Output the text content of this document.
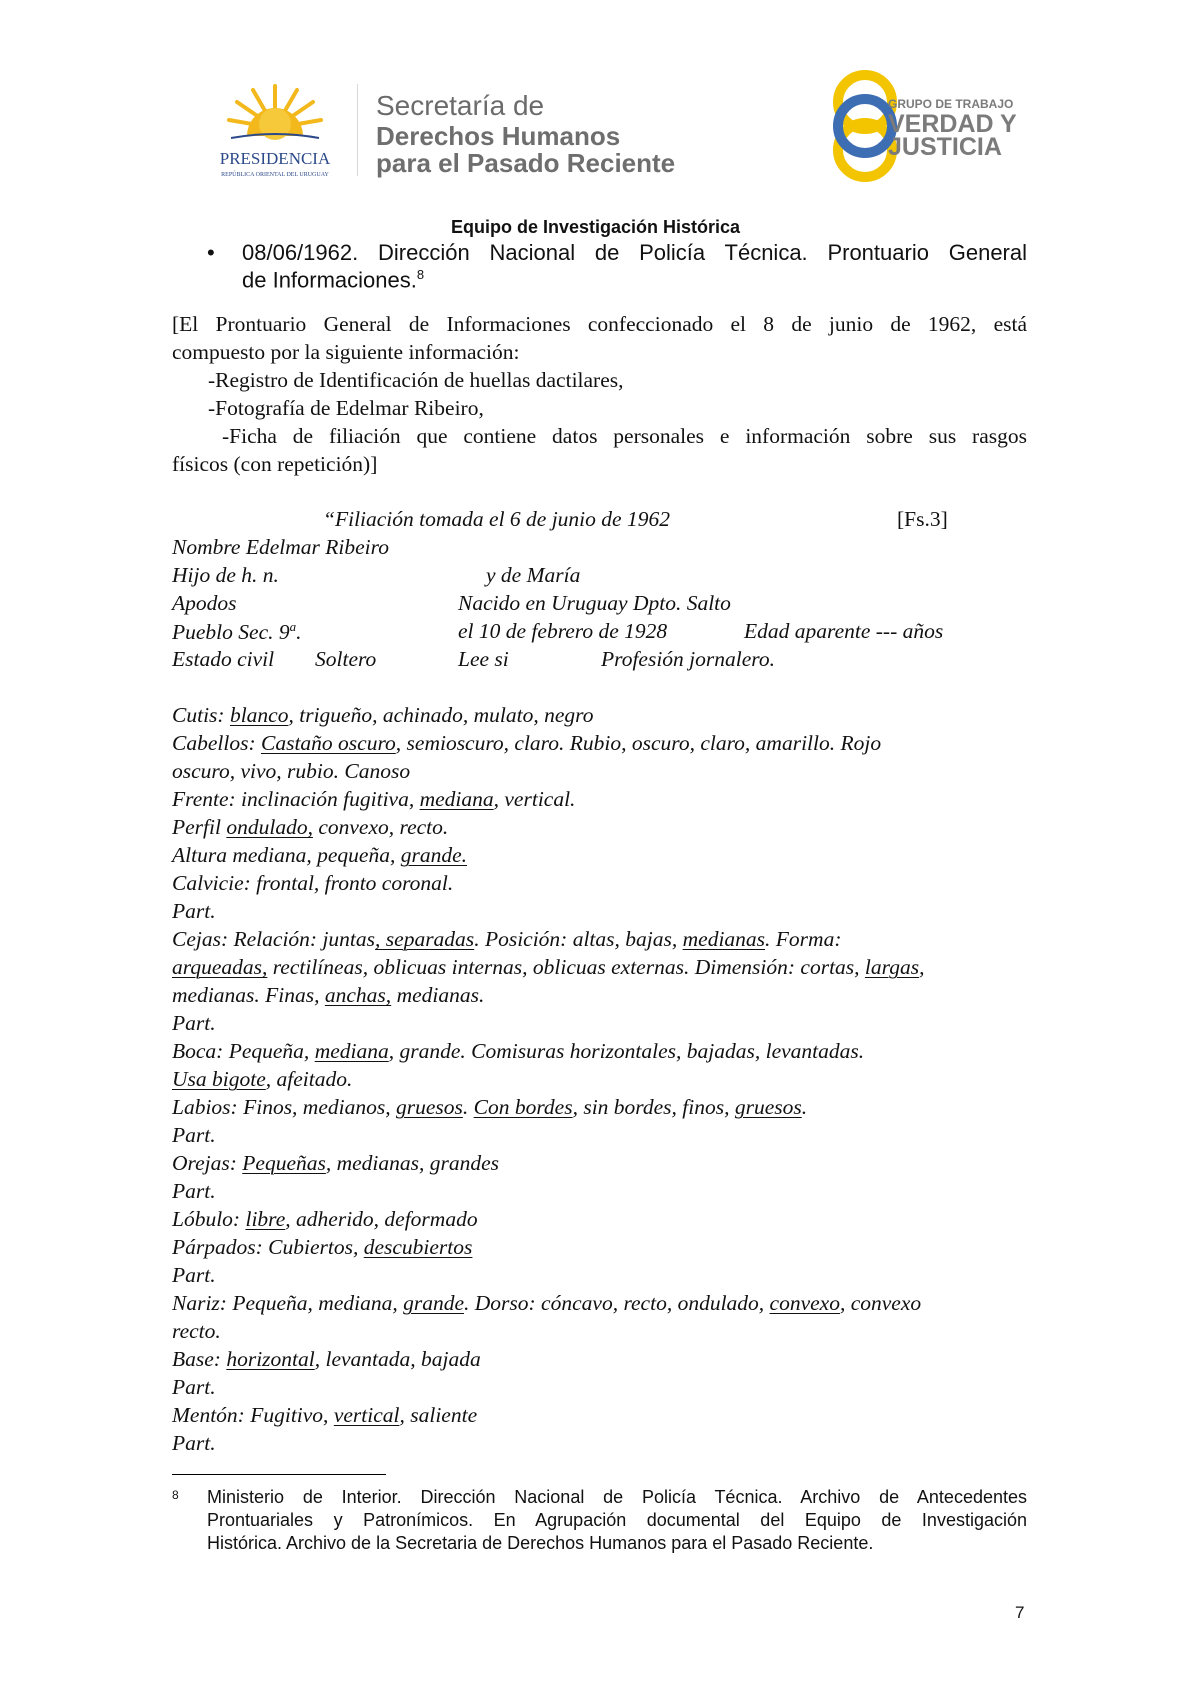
PRESIDENCIA
REPÚBLICA ORIENTAL DEL URUGUAY
Secretaría de
Derechos Humanos
para el Pasado Reciente
GRUPO DE TRABAJO
VERDAD Y
JUSTICIA
Equipo de Investigación Histórica
• 08/06/1962. Dirección Nacional de Policía Técnica. Prontuario General
de Informaciones.$^8$
[El Prontuario General de Informaciones confeccionado el 8 de junio de 1962, está
compuesto por la siguiente información:
-Registro de Identificación de huellas dactilares,
-Fotografía de Edelmar Ribeiro,
-Ficha de filiación que contiene datos personales e información sobre sus rasgos
físicos (con repetición)]
“Filiación tomada el 6 de junio de 1962	[Fs.3]
Nombre Edelmar Ribeiro
Hijo de h. n.	y de María
Apodos	Nacido en Uruguay Dpto. Salto
Pueblo Sec. 9$^a$.	el 10 de febrero de 1928	Edad aparente --- años
Estado civil Soltero	Lee si	Profesión jornalero.
Cutis: blanco, trigueño, achinado, mulato, negro
Cabellos: Castaño oscuro, semioscuro, claro. Rubio, oscuro, claro, amarillo. Rojo
oscuro, vivo, rubio. Canoso
Frente: inclinación fugitiva, mediana, vertical.
Perfil ondulado, convexo, recto.
Altura mediana, pequeña, grande.
Calvicie: frontal, fronto coronal.
Part.
Cejas: Relación: juntas, separadas. Posición: altas, bajas, medianas. Forma:
arqueadas, rectilíneas, oblicuas internas, oblicuas externas. Dimensión: cortas, largas,
medianas. Finas, anchas, medianas.
Part.
Boca: Pequeña, mediana, grande. Comisuras horizontales, bajadas, levantadas.
Usa bigote, afeitado.
Labios: Finos, medianos, gruesos. Con bordes, sin bordes, finos, gruesos.
Part.
Orejas: Pequeñas, medianas, grandes
Part.
Lóbulo: libre, adherido, deformado
Párpados: Cubiertos, descubiertos
Part.
Nariz: Pequeña, mediana, grande. Dorso: cóncavo, recto, ondulado, convexo, convexo
recto.
Base: horizontal, levantada, bajada
Part.
Mentón: Fugitivo, vertical, saliente
Part.
8 Ministerio de Interior. Dirección Nacional de Policía Técnica. Archivo de Antecedentes
Prontuariales y Patronímicos. En Agrupación documental del Equipo de Investigación
Histórica. Archivo de la Secretaria de Derechos Humanos para el Pasado Reciente.
7
